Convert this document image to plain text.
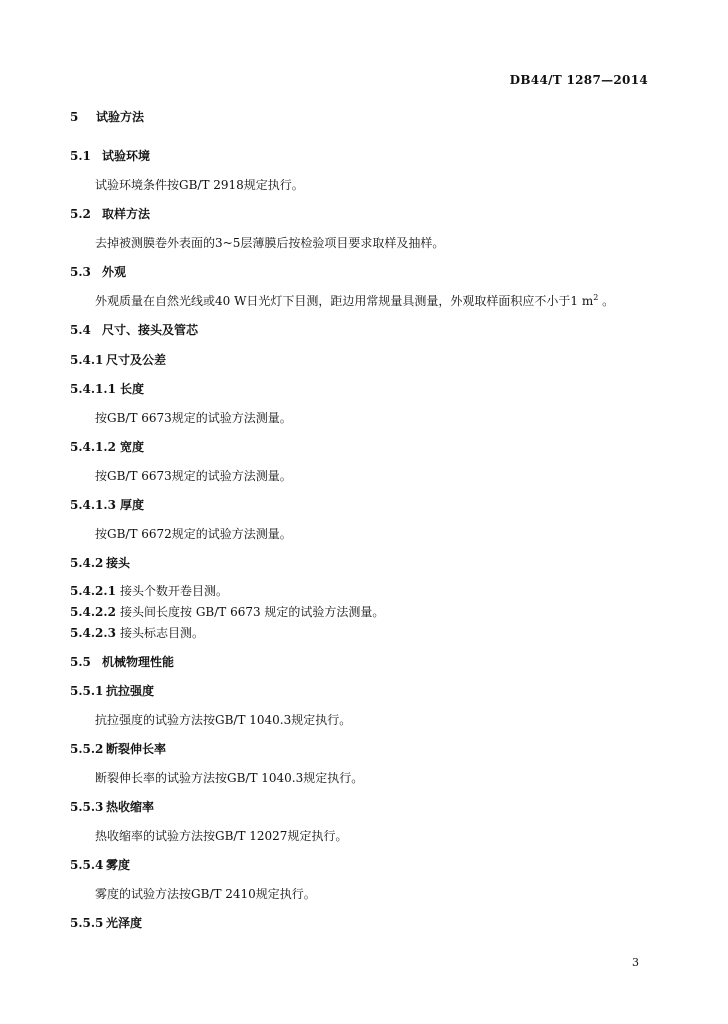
DB44/T 1287—2014
5 试验方法
5.1 试验环境
试验环境条件按GB/T 2918规定执行。
5.2 取样方法
去掉被测膜卷外表面的3~5层薄膜后按检验项目要求取样及抽样。
5.3 外观
外观质量在自然光线或40 W日光灯下目测，距边用常规量具测量，外观取样面积应不小于1 $m^2$ 。
5.4 尺寸、接头及管芯
5.4.1 尺寸及公差
5.4.1.1 长度
按GB/T 6673规定的试验方法测量。
5.4.1.2 宽度
按GB/T 6673规定的试验方法测量。
5.4.1.3 厚度
按GB/T 6672规定的试验方法测量。
5.4.2 接头
5.4.2.1 接头个数开卷目测。
5.4.2.2 接头间长度按 GB/T 6673 规定的试验方法测量。
5.4.2.3 接头标志目测。
5.5 机械物理性能
5.5.1 抗拉强度
抗拉强度的试验方法按GB/T 1040.3规定执行。
5.5.2 断裂伸长率
断裂伸长率的试验方法按GB/T 1040.3规定执行。
5.5.3 热收缩率
热收缩率的试验方法按GB/T 12027规定执行。
5.5.4 雾度
雾度的试验方法按GB/T 2410规定执行。
5.5.5 光泽度
3
